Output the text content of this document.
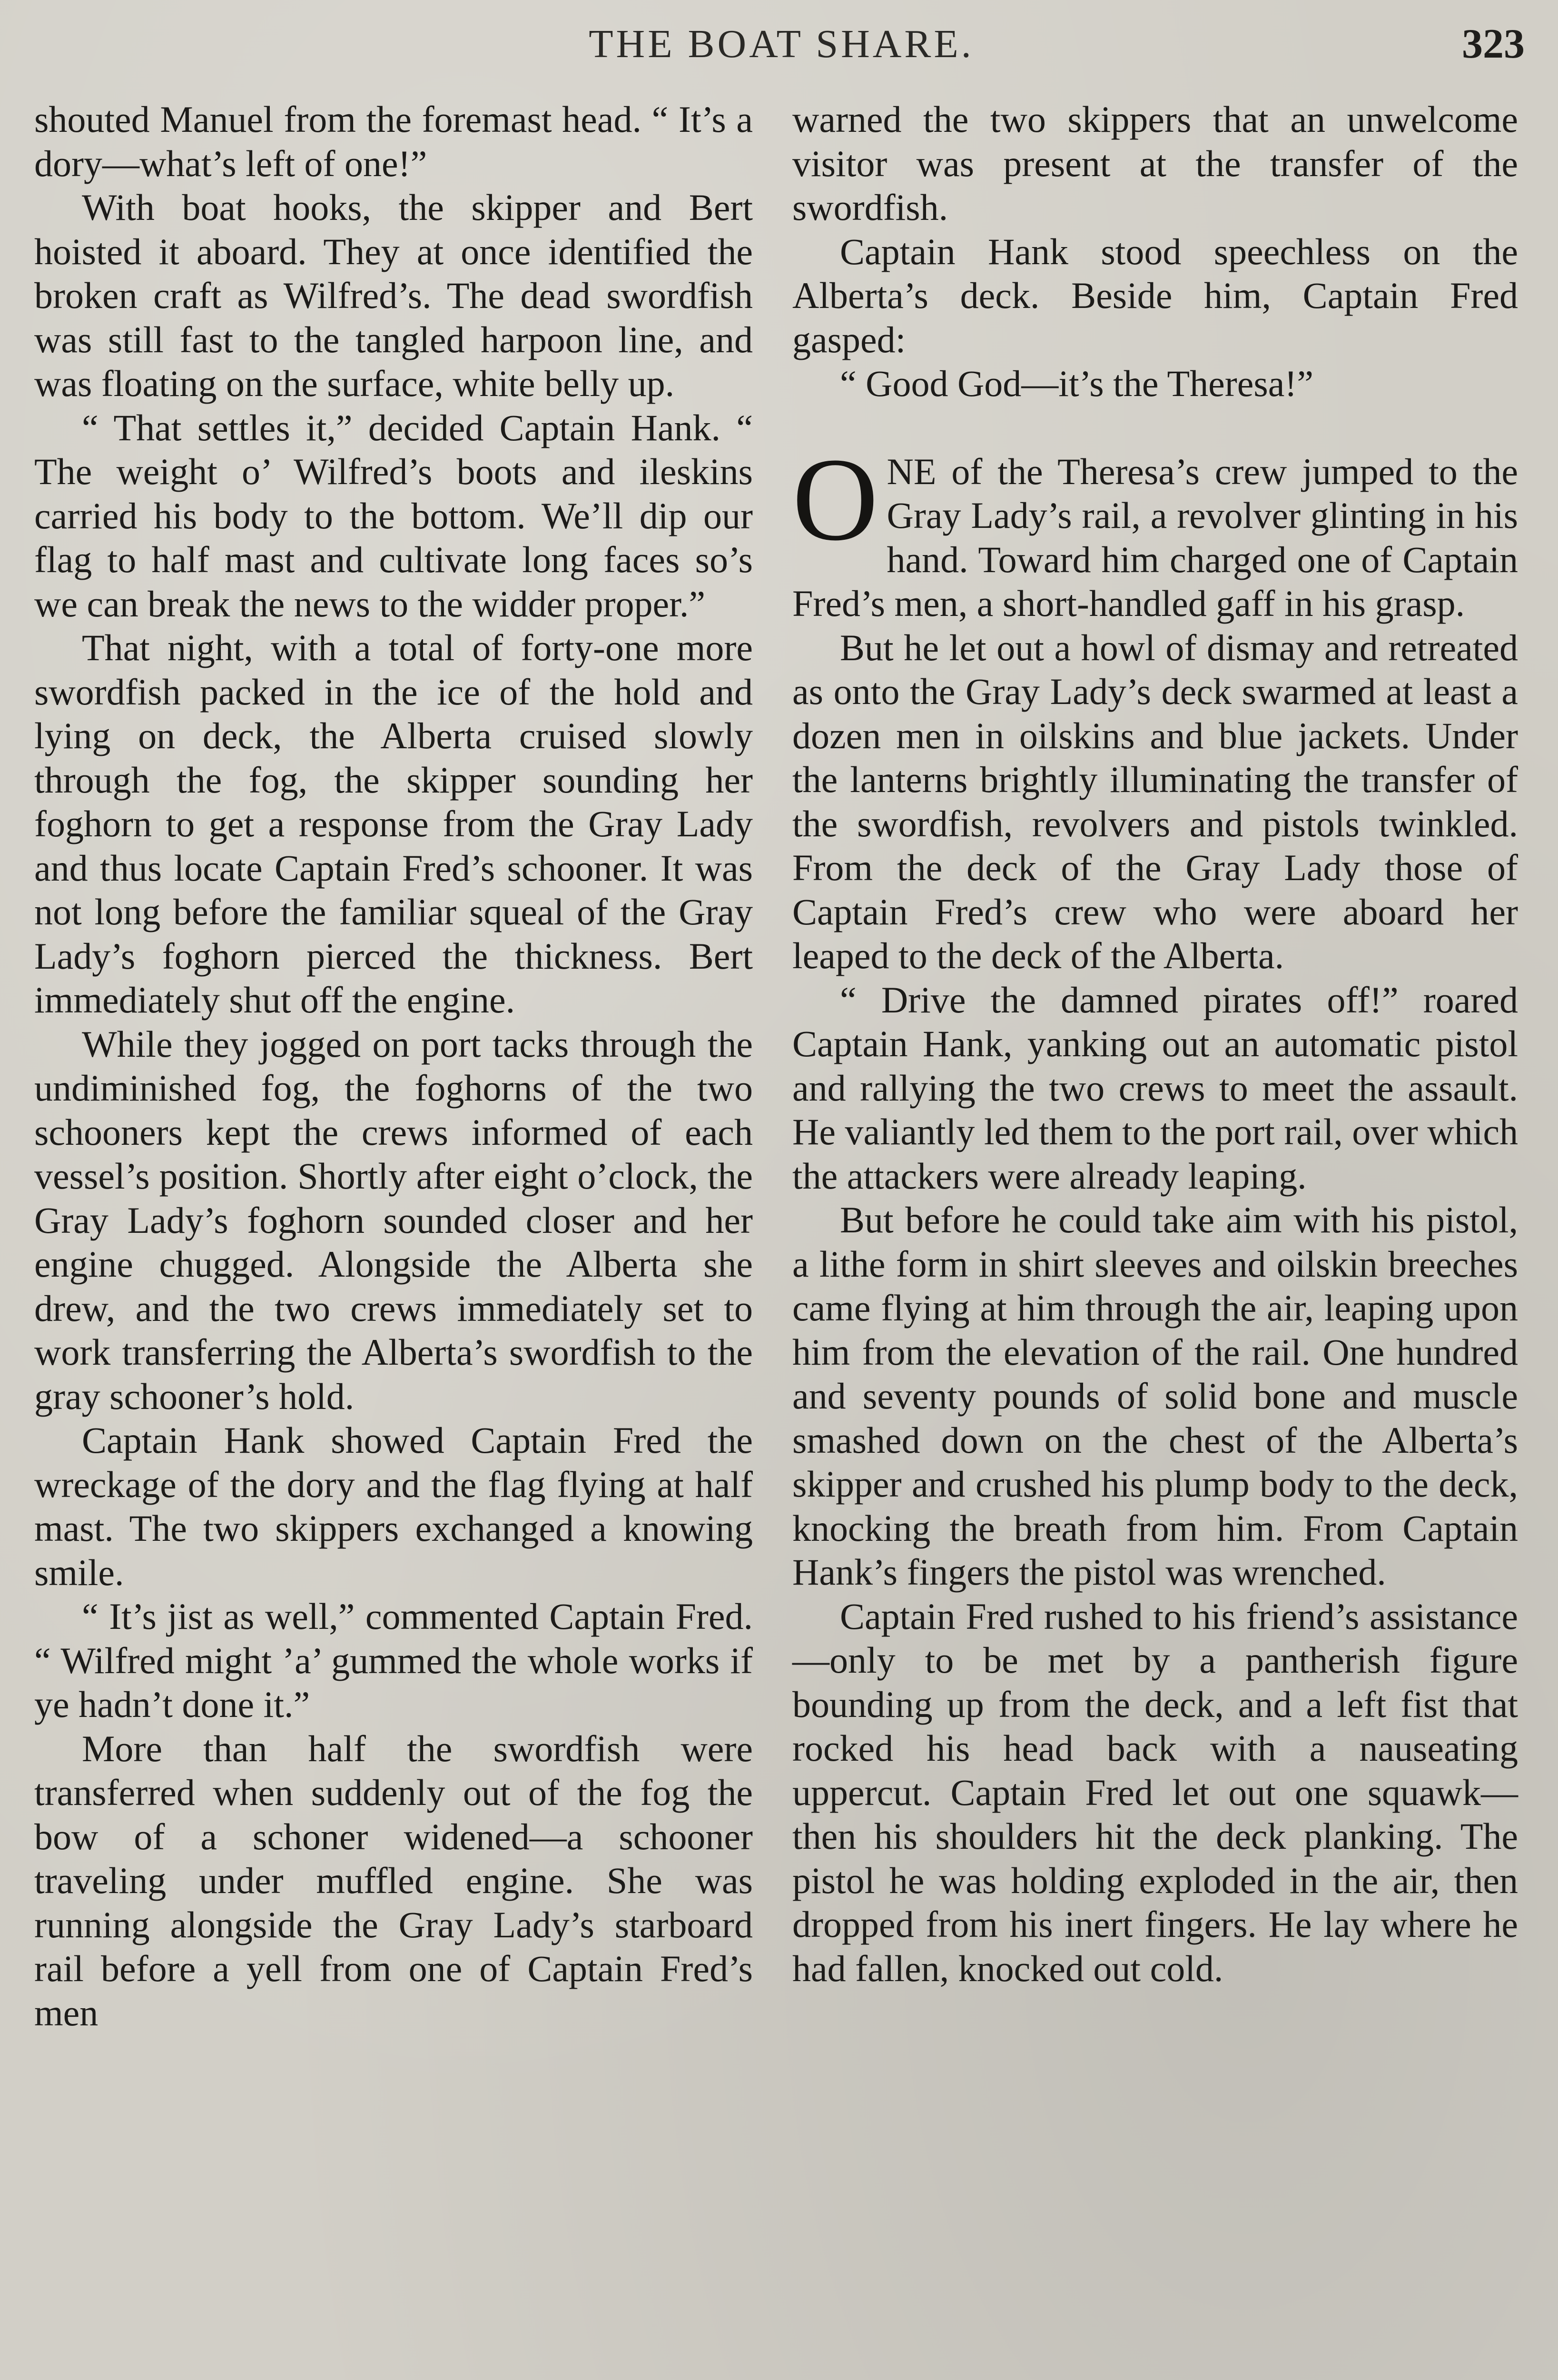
THE BOAT SHARE.	323

shouted Manuel from the foremast head. “ It’s a dory—what’s left of one!”

With boat hooks, the skipper and Bert hoisted it aboard. They at once identified the broken craft as Wilfred’s. The dead swordfish was still fast to the tangled harpoon line, and was floating on the surface, white belly up.

“ That settles it,” decided Captain Hank. “ The weight o’ Wilfred’s boots and ileskins carried his body to the bottom. We’ll dip our flag to half mast and cultivate long faces so’s we can break the news to the widder proper.”

That night, with a total of forty-one more swordfish packed in the ice of the hold and lying on deck, the Alberta cruised slowly through the fog, the skipper sounding her foghorn to get a response from the Gray Lady and thus locate Captain Fred’s schooner. It was not long before the familiar squeal of the Gray Lady’s foghorn pierced the thickness. Bert immediately shut off the engine.

While they jogged on port tacks through the undiminished fog, the foghorns of the two schooners kept the crews informed of each vessel’s position. Shortly after eight o’clock, the Gray Lady’s foghorn sounded closer and her engine chugged. Alongside the Alberta she drew, and the two crews immediately set to work transferring the Alberta’s swordfish to the gray schooner’s hold.

Captain Hank showed Captain Fred the wreckage of the dory and the flag flying at half mast. The two skippers exchanged a knowing smile.

“ It’s jist as well,” commented Captain Fred. “ Wilfred might ’a’ gummed the whole works if ye hadn’t done it.”

More than half the swordfish were transferred when suddenly out of the fog the bow of a schoner widened—a schooner traveling under muffled engine. She was running alongside the Gray Lady’s starboard rail before a yell from one of Captain Fred’s men

warned the two skippers that an unwelcome visitor was present at the transfer of the swordfish.

Captain Hank stood speechless on the Alberta’s deck. Beside him, Captain Fred gasped:

“ Good God—it’s the Theresa!”

ONE of the Theresa’s crew jumped to the Gray Lady’s rail, a revolver glinting in his hand. Toward him charged one of Captain Fred’s men, a short-handled gaff in his grasp.

But he let out a howl of dismay and retreated as onto the Gray Lady’s deck swarmed at least a dozen men in oilskins and blue jackets. Under the lanterns brightly illuminating the transfer of the swordfish, revolvers and pistols twinkled. From the deck of the Gray Lady those of Captain Fred’s crew who were aboard her leaped to the deck of the Alberta.

“ Drive the damned pirates off!” roared Captain Hank, yanking out an automatic pistol and rallying the two crews to meet the assault. He valiantly led them to the port rail, over which the attackers were already leaping.

But before he could take aim with his pistol, a lithe form in shirt sleeves and oilskin breeches came flying at him through the air, leaping upon him from the elevation of the rail. One hundred and seventy pounds of solid bone and muscle smashed down on the chest of the Alberta’s skipper and crushed his plump body to the deck, knocking the breath from him. From Captain Hank’s fingers the pistol was wrenched.

Captain Fred rushed to his friend’s assistance—only to be met by a pantherish figure bounding up from the deck, and a left fist that rocked his head back with a nauseating uppercut. Captain Fred let out one squawk—then his shoulders hit the deck planking. The pistol he was holding exploded in the air, then dropped from his inert fingers. He lay where he had fallen, knocked out cold.
